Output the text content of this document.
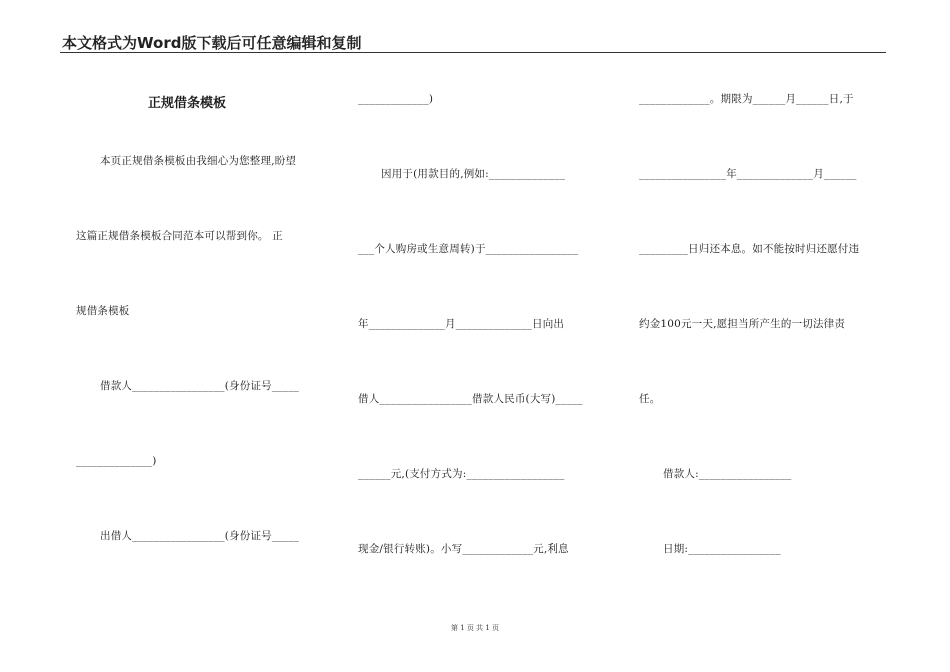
本文格式为Word版下载后可任意编辑和复制
正规借条模板
本页正规借条模板由我细心为您整理,盼望
这篇正规借条模板合同范本可以帮到你。 正
规借条模板
借款人_________________(身份证号_____
______________)
出借人_________________(身份证号_____
_____________)
因用于(用款目的,例如:______________
___个人购房或生意周转)于_________________
年______________月______________日向出
借人_________________借款人民币(大写)_____
______元,(支付方式为:__________________
现金/银行转账)。小写_____________元,利息
_____________。期限为______月______日,于
________________年______________月______
_________日归还本息。如不能按时归还愿付违
约金100元一天,愿担当所产生的一切法律责
任。
借款人:_________________
日期:_________________
第 1 页 共 1 页
